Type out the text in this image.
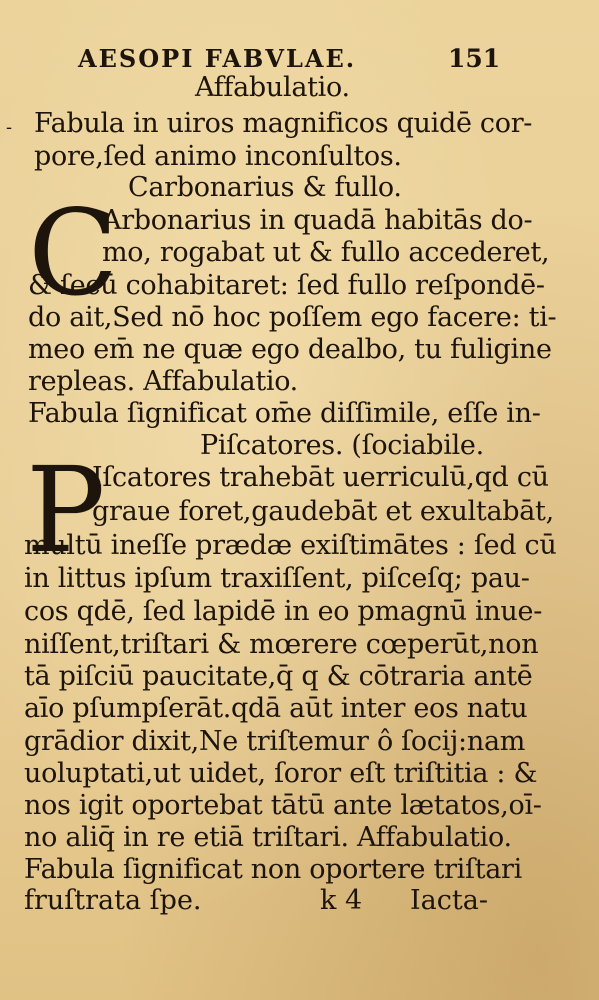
AESOPI FABVLAE.	151
-
Affabulatio.
Fabula in uiros magnificos quidē cor-
pore,ſed animo inconſultos.
Carbonarius & fullo.
C
Arbonarius in quadā habitās do-
mo, rogabat ut & fullo accederet,
& ſecū cohabitaret: ſed fullo reſpondē-
do ait,Sed nō hoc poſſem ego facere: ti-
meo em̄ ne quæ ego dealbo, tu fuligine
repleas. Affabulatio.
Fabula ſignificat om̄e diſſimile, eſſe in-
Piſcatores. (ſociabile.
P
Iſcatores trahebāt uerriculū,qd cū
graue foret,gaudebāt et exultabāt,
multū ineſſe prædæ exiſtimātes : ſed cū
in littus ipſum traxiſſent, piſceſq; pau-
cos qdē, ſed lapidē in eo pmagnū inue-
niſſent,triſtari & mœrere cœperūt,non
tā piſciū paucitate,q̄ q & cōtraria antē
aīo pſumpſerāt.qdā aūt inter eos natu
grādior dixit,Ne triſtemur ô ſocij:nam
uoluptati,ut uidet, ſoror eſt triſtitia : &
nos igit oportebat tātū ante lætatos,oī-
no aliq̄ in re etiā triſtari. Affabulatio.
Fabula ſignificat non oportere triſtari
fruſtrata ſpe.	k 4 Iacta-
